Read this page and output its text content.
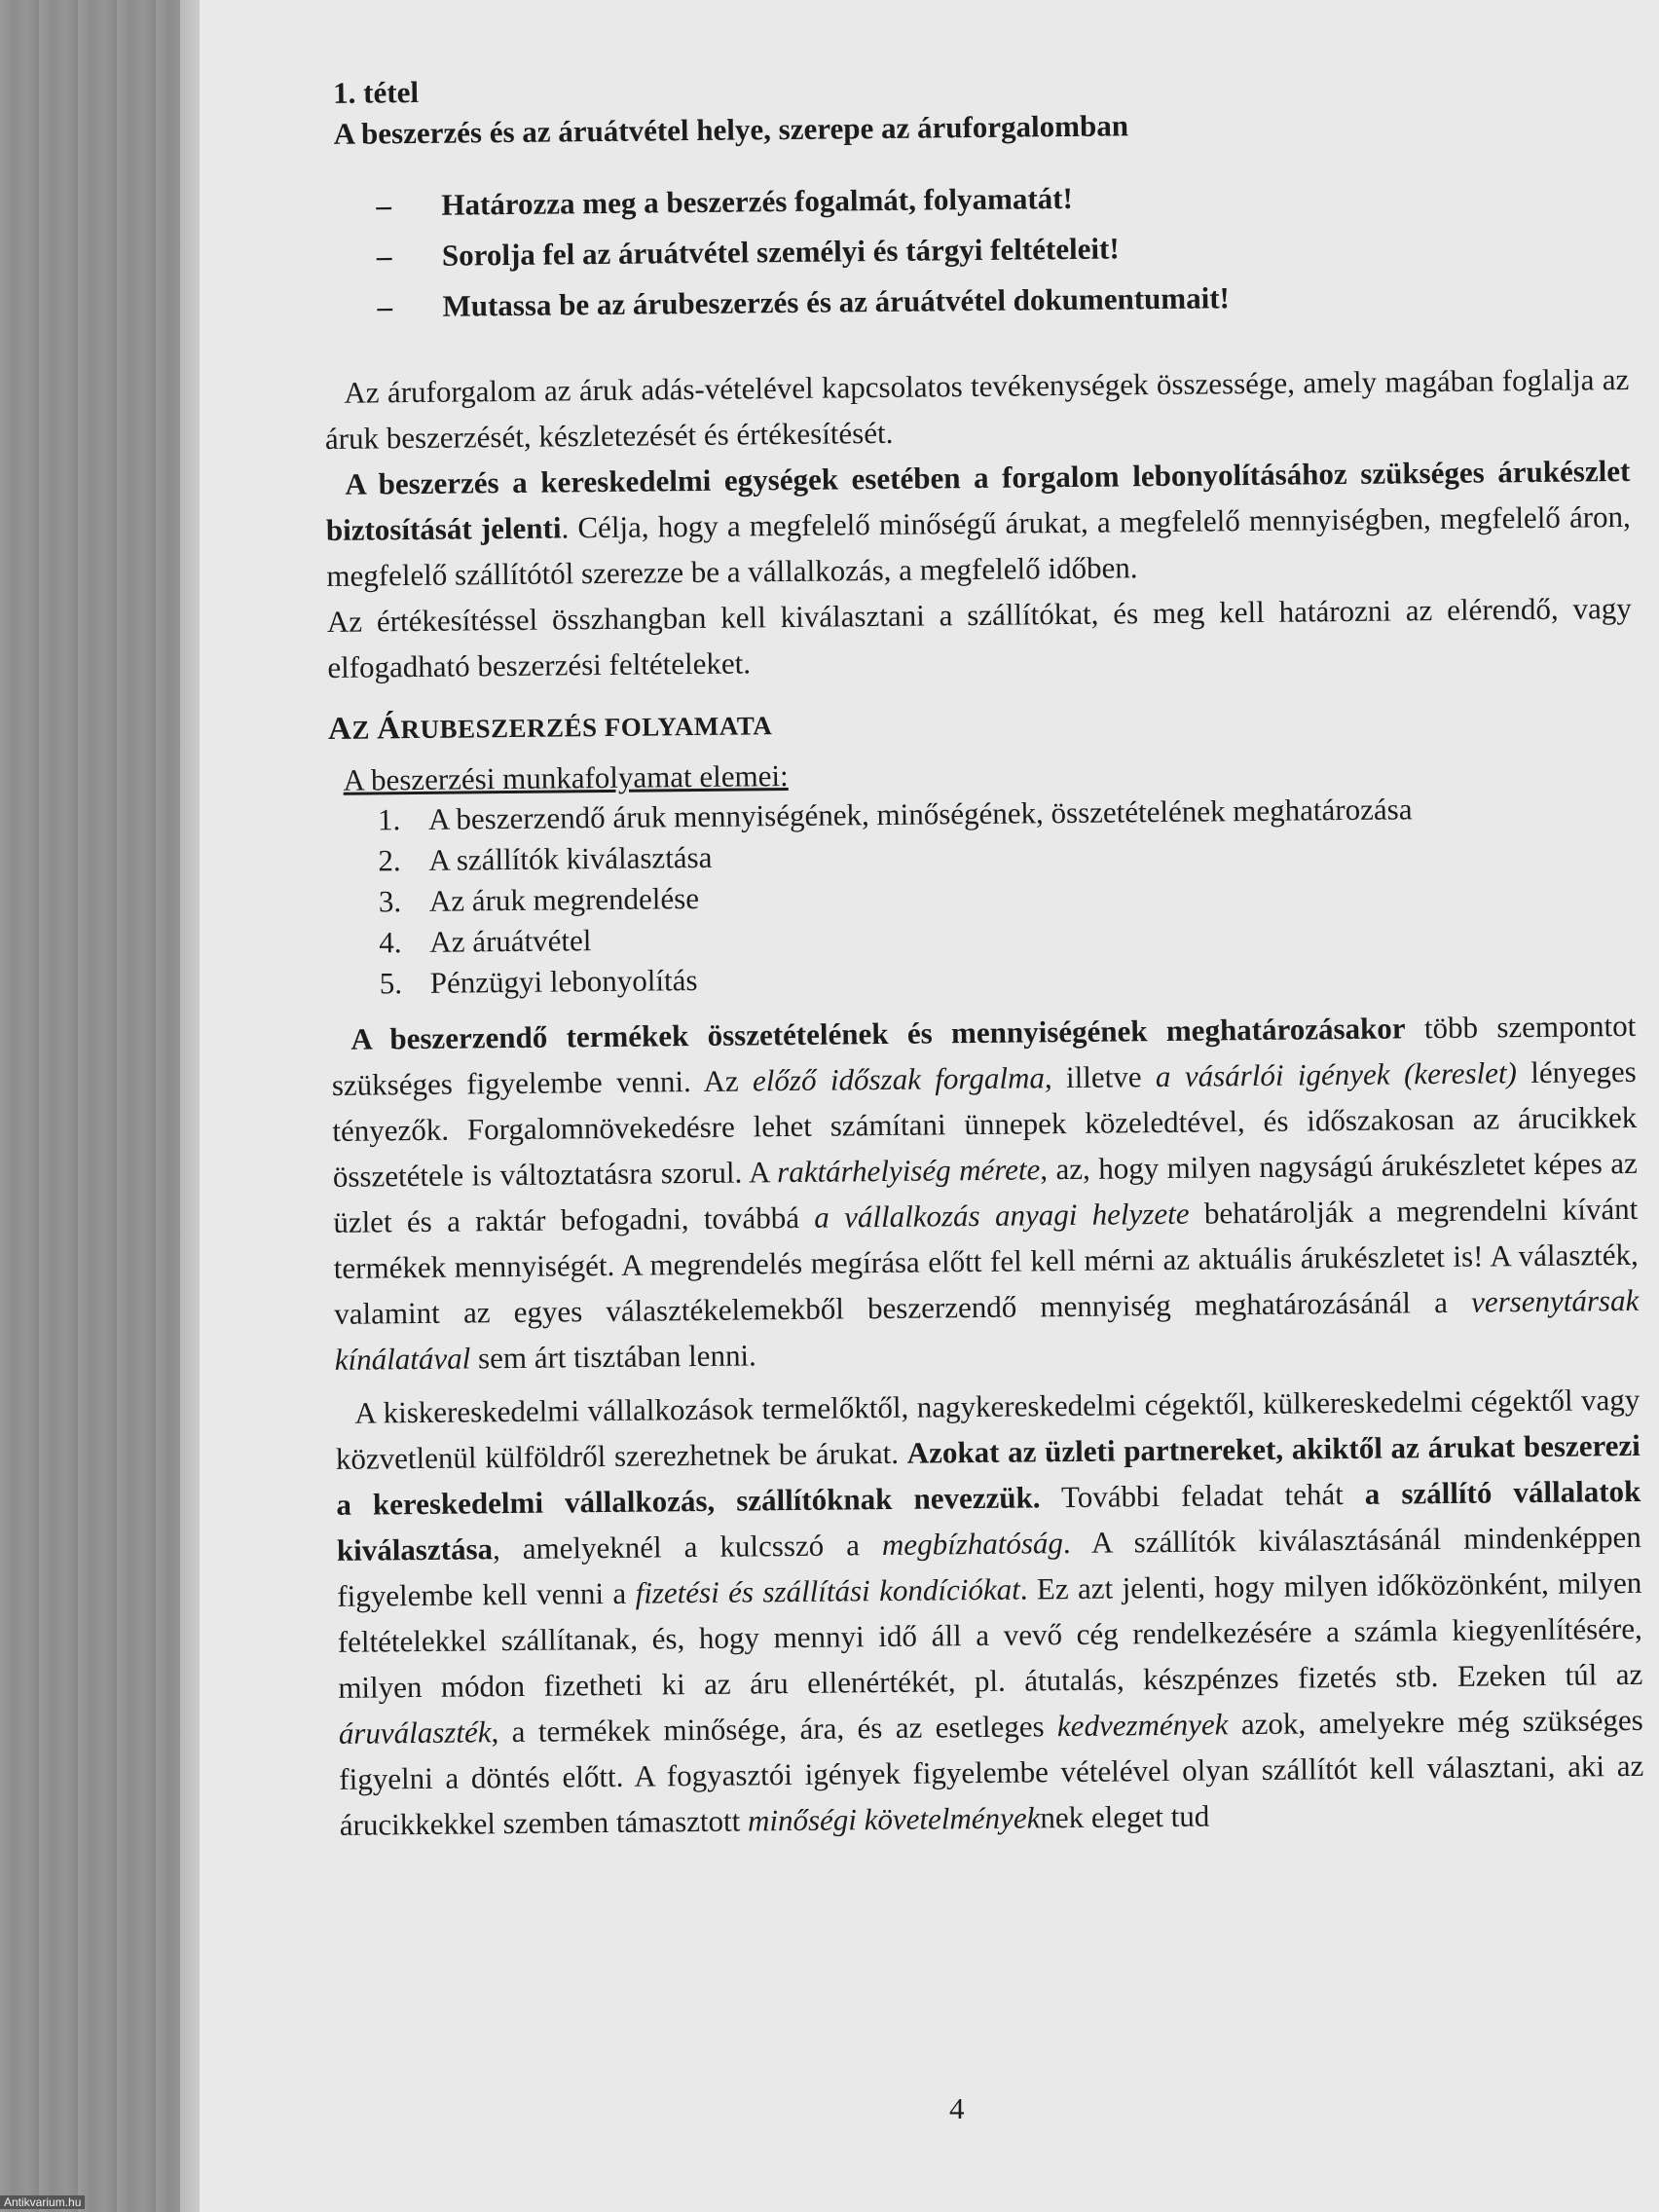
1. tétel
A beszerzés és az áruátvétel helye, szerepe az áruforgalomban
– Határozza meg a beszerzés fogalmát, folyamatát!
– Sorolja fel az áruátvétel személyi és tárgyi feltételeit!
– Mutassa be az árubeszerzés és az áruátvétel dokumentumait!

Az áruforgalom az áruk adás-vételével kapcsolatos tevékenységek összessége, amely magában foglalja az áruk beszerzését, készletezését és értékesítését.

A beszerzés a kereskedelmi egységek esetében a forgalom lebonyolításához szükséges árukészlet biztosítását jelenti. Célja, hogy a megfelelő minőségű árukat, a megfelelő mennyiségben, megfelelő áron, megfelelő szállítótól szerezze be a vállalkozás, a megfelelő időben.

Az értékesítéssel összhangban kell kiválasztani a szállítókat, és meg kell határozni az elérendő, vagy elfogadható beszerzési feltételeket.

AZ ÁRUBESZERZÉS FOLYAMATA
A beszerzési munkafolyamat elemei:
1. A beszerzendő áruk mennyiségének, minőségének, összetételének meghatározása
2. A szállítók kiválasztása
3. Az áruk megrendelése
4. Az áruátvétel
5. Pénzügyi lebonyolítás

A beszerzendő termékek összetételének és mennyiségének meghatározásakor több szempontot szükséges figyelembe venni. Az előző időszak forgalma, illetve a vásárlói igények (kereslet) lényeges tényezők. Forgalomnövekedésre lehet számítani ünnepek közeledtével, és időszakosan az árucikkek összetétele is változtatásra szorul. A raktárhelyiség mérete, az, hogy milyen nagyságú árukészletet képes az üzlet és a raktár befogadni, továbbá a vállalkozás anyagi helyzete behatárolják a megrendelni kívánt termékek mennyiségét. A megrendelés megírása előtt fel kell mérni az aktuális árukészletet is! A választék, valamint az egyes választékelemekből beszerzendő mennyiség meghatározásánál a versenytársak kínálatával sem árt tisztában lenni.

A kiskereskedelmi vállalkozások termelőktől, nagykereskedelmi cégektől, külkereskedelmi cégektől vagy közvetlenül külföldről szerezhetnek be árukat. Azokat az üzleti partnereket, akiktől az árukat beszerezi a kereskedelmi vállalkozás, szállítóknak nevezzük. További feladat tehát a szállító vállalatok kiválasztása, amelyeknél a kulcsszó a megbízhatóság. A szállítók kiválasztásánál mindenképpen figyelembe kell venni a fizetési és szállítási kondíciókat. Ez azt jelenti, hogy milyen időközönként, milyen feltételekkel szállítanak, és, hogy mennyi idő áll a vevő cég rendelkezésére a számla kiegyenlítésére, milyen módon fizetheti ki az áru ellenértékét, pl. átutalás, készpénzes fizetés stb. Ezeken túl az áruválaszték, a termékek minősége, ára, és az esetleges kedvezmények azok, amelyekre még szükséges figyelni a döntés előtt. A fogyasztói igények figyelembe vételével olyan szállítót kell választani, aki az árucikkekkel szemben támasztott minőségi követelményeknek eleget tud

4
Antikvarium.hu
